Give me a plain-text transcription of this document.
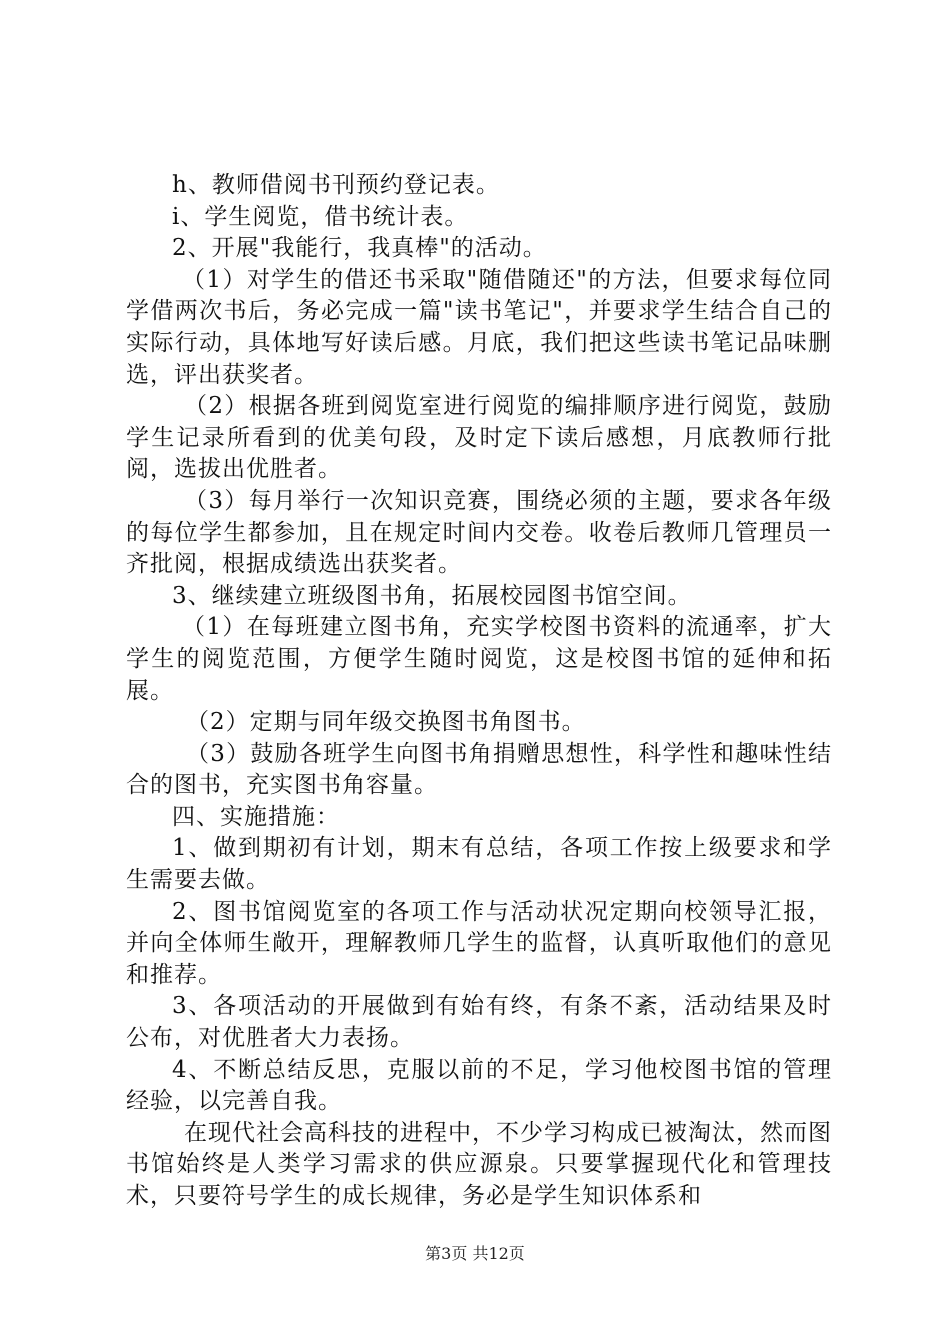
h、教师借阅书刊预约登记表。

i、学生阅览，借书统计表。

2、开展"我能行，我真棒"的活动。

（1）对学生的借还书采取"随借随还"的方法，但要求每位同学借两次书后，务必完成一篇"读书笔记"，并要求学生结合自己的实际行动，具体地写好读后感。月底，我们把这些读书笔记品味删选，评出获奖者。

（2）根据各班到阅览室进行阅览的编排顺序进行阅览，鼓励学生记录所看到的优美句段，及时定下读后感想，月底教师行批阅，选拔出优胜者。

（3）每月举行一次知识竞赛，围绕必须的主题，要求各年级的每位学生都参加，且在规定时间内交卷。收卷后教师几管理员一齐批阅，根据成绩选出获奖者。

3、继续建立班级图书角，拓展校园图书馆空间。

（1）在每班建立图书角，充实学校图书资料的流通率，扩大学生的阅览范围，方便学生随时阅览，这是校图书馆的延伸和拓展。

（2）定期与同年级交换图书角图书。

（3）鼓励各班学生向图书角捐赠思想性，科学性和趣味性结合的图书，充实图书角容量。

四、实施措施：

1、做到期初有计划，期末有总结，各项工作按上级要求和学生需要去做。

2、图书馆阅览室的各项工作与活动状况定期向校领导汇报，并向全体师生敞开，理解教师几学生的监督，认真听取他们的意见和推荐。

3、各项活动的开展做到有始有终，有条不紊，活动结果及时公布，对优胜者大力表扬。

4、不断总结反思，克服以前的不足，学习他校图书馆的管理经验，以完善自我。

在现代社会高科技的进程中，不少学习构成已被淘汰，然而图书馆始终是人类学习需求的供应源泉。只要掌握现代化和管理技术，只要符号学生的成长规律，务必是学生知识体系和

第3页 共12页
